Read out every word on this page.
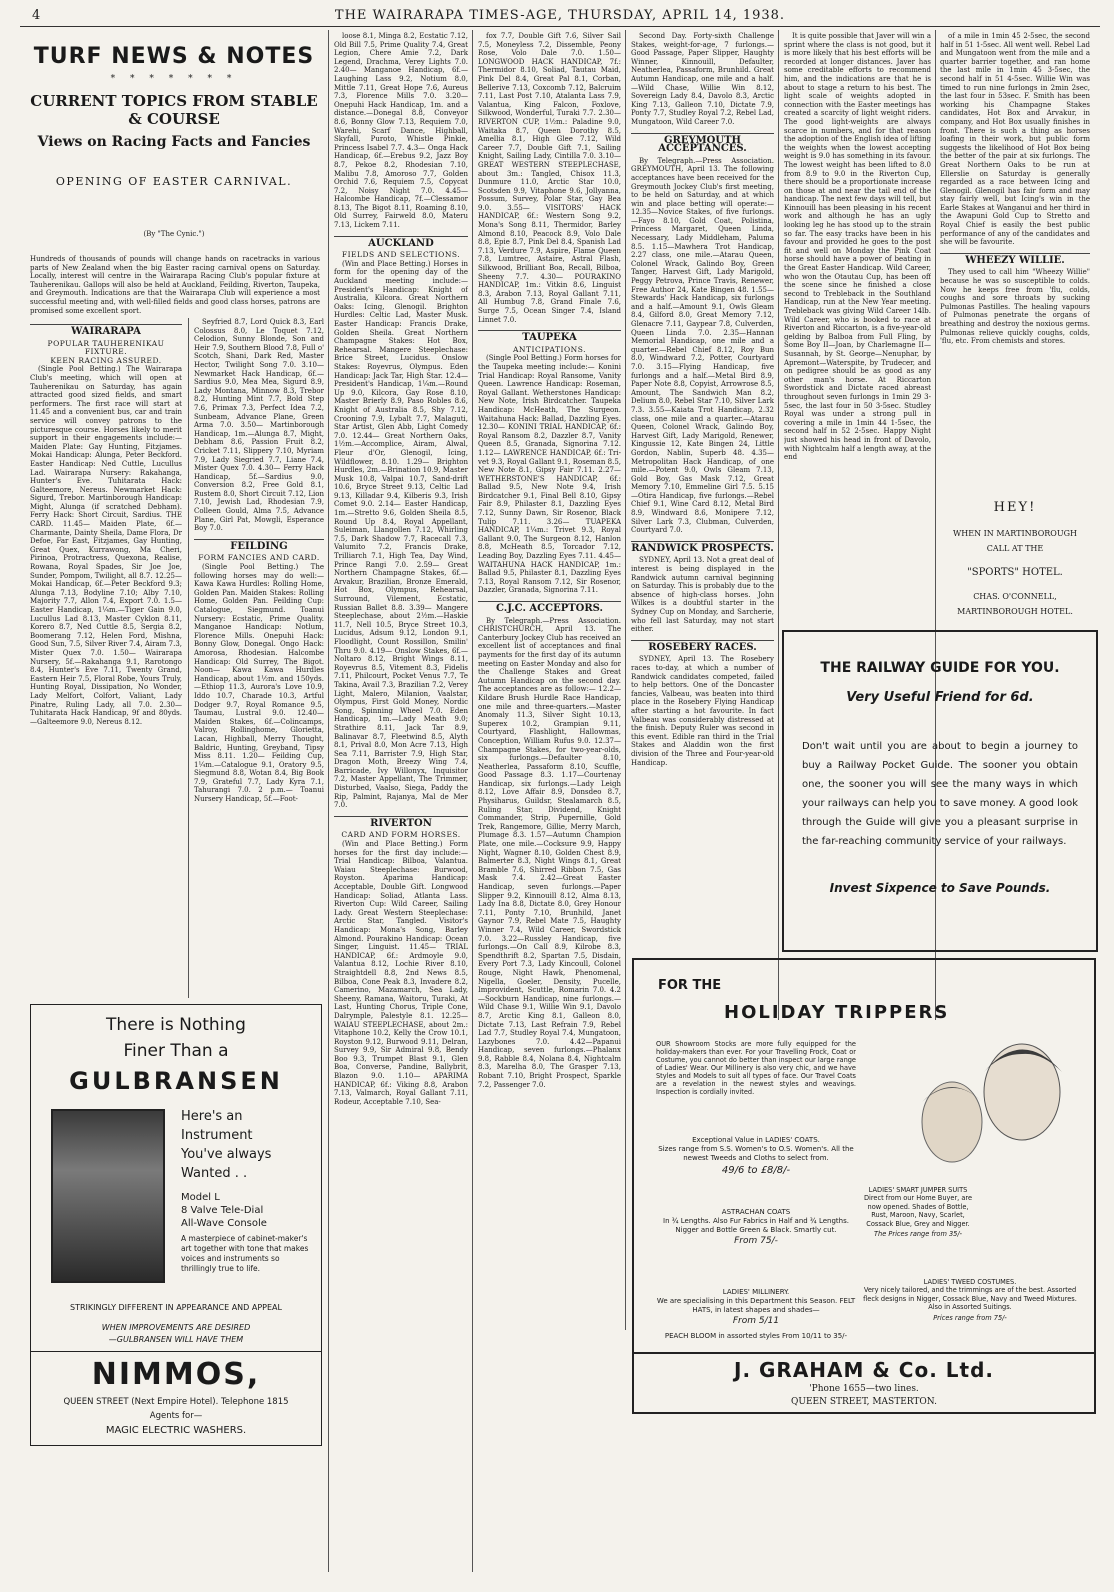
4	THE WAIRARAPA TIMES-AGE, THURSDAY, APRIL 14, 1938.
TURF NEWS & NOTES
* * * * * * *
CURRENT TOPICS FROM STABLE & COURSE
Views on Racing Facts and Fancies
OPENING OF EASTER CARNIVAL.
(By "The Cynic.")
Hundreds of thousands of pounds will change hands on racetracks in various parts of New Zealand when the big Easter racing carnival opens on Saturday. Locally, interest will centre in the Wairarapa Racing Club's popular fixture at Tauherenikau. Gallops will also be held at Auckland, Feilding, Riverton, Taupeka, and Greymouth. Indications are that the Wairarapa Club will experience a most successful meeting and, with well-filled fields and good class horses, patrons are promised some excellent sport.
WAIRARAPA
POPULAR TAUHERENIKAU FIXTURE.
KEEN RACING ASSURED.

(Single Pool Betting.) The Wairarapa Club's meeting, which will open at Tauherenikau on Saturday, has again attracted good sized fields, and smart performers. The first race will start at 11.45 and a convenient bus, car and train service will convey patrons to the picturesque course. Horses likely to merit support in their engagements include:— Maiden Plate: Gay Hunting, Fitzjames. Mokai Handicap: Alunga, Peter Beckford. Easter Handicap: Ned Cuttle, Lucullus Lad. Wairarapa Nursery: Rakahanga, Hunter's Eve. Tuhitarata Hack: Galteemore, Nereus. Newmarket Hack: Sigurd, Trebor. Martinborough Handicap: Might, Alunga (if scratched Debham). Ferry Hack: Short Circuit, Sardius. THE CARD. 11.45— Maiden Plate, 6f.—Charmante, Dainty Sheila, Dame Flora, Dr Defoe, Far East, Fitzjames, Gay Hunting, Great Quex, Kurrawong, Ma Cheri, Pirinoa, Protractress, Quexona, Realise, Rowana, Royal Spades, Sir Joe Joe, Sunder, Pompom, Twilight, all 8.7. 12.25— Mokai Handicap, 6f.—Peter Beckford 9.3; Alunga 7.13, Bodyline 7.10; Alby 7.10, Majority 7.7, Allon 7.4, Export 7.0. 1.5— Easter Handicap, 1¼m.—Tiger Gain 9.0, Lucullus Lad 8.13, Master Cyklon 8.11, Korero 8.7, Ned Cuttle 8.5, Sergia 8.2, Boomerang 7.12, Helen Ford, Mishna, Good Sun, 7.5, Silver River 7.4, Airam 7.3, Mister Quex 7.0. 1.50— Wairarapa Nursery, 5f.—Rakahanga 9.1, Rarotongo 8.4, Hunter's Eve 7.11, Twenty Grand, Eastern Heir 7.5, Floral Robe, Yours Truly, Hunting Royal, Dissipation, No Wonder, Lady Melfort, Colfort, Valiant, Lady Pinatre, Ruling Lady, all 7.0. 2.30— Tuhitarata Hack Handicap, 9f and 80yds.—Galteemore 9.0, Nereus 8.12.

Seyfried 8.7, Lord Quick 8.3, Earl Colossus 8.0, Le Toquet 7.12, Celodion, Sunny Blonde, Son and Heir 7.9, Southern Blood 7.8, Full o' Scotch, Shani, Dark Red, Master Hector, Twilight Song 7.0. 3.10— Newmarket Hack Handicap, 6f.—Sardius 9.0, Mea Mea, Sigurd 8.9, Lady Montana, Minnow 8.3, Trebor 8.2, Hunting Mint 7.7, Bold Step 7.6, Primax 7.3, Perfect Idea 7.2, Sunbeam, Advance Plane, Green Arma 7.0. 3.50— Martinborough Handicap, 1m.—Alunga 8.7, Might, Debham 8.6, Passion Fruit 8.2, Cricket 7.11, Slippery 7.10, Myriam 7.9, Lady Siegried 7.7, Liane 7.4, Mister Quex 7.0. 4.30— Ferry Hack Handicap, 5f.—Sardius 9.0, Conversion 8.2, Free Gold 8.1, Rustem 8.0, Short Circuit 7.12, Lion 7.10, Jewish Lad, Rhodesian 7.9, Colleen Gould, Alma 7.5, Advance Plane, Girl Pat, Mowgli, Esperance Boy 7.0.

FEILDING
FORM FANCIES AND CARD.

(Single Pool Betting.) The following horses may do well:— Kawa Kawa Hurdles: Rolling Home, Golden Pan. Maiden Stakes: Rolling Home, Golden Pan. Feilding Cup: Catalogue, Siegmund. Toanui Nursery: Ecstatic, Prime Quality. Manganoe Handicap: Notlum, Florence Mills. Onepuhi Hack: Bonny Glow, Donegal. Ongo Hack: Amorosa, Rhodesian. Halcombe Handicap: Old Surrey, The Bigot. Noon— Kawa Kawa Hurdles Handicap, about 1½m. and 150yds.—Ethiop 11.3, Aurora's Love 10.9, Iddo 10.7, Charade 10.3, Artful Dodger 9.7, Royal Romance 9.5, Taumau, Lustral 9.0. 12.40— Maiden Stakes, 6f.—Colincamps, Valroy, Rollinghome, Glorietta, Lacan, Highball, Merry Thought, Baldric, Hunting, Greyband, Tipsy Miss 8.11. 1.20— Feilding Cup, 1¼m.—Catalogue 9.1, Oratory 9.5, Siegmund 8.8, Wotan 8.4, Big Book 7.9, Grateful 7.7, Lady Kyra 7.1, Tahurangi 7.0. 2 p.m.— Toanui Nursery Handicap, 5f.—Foot-

loose 8.1, Minga 8.2, Ecstatic 7.12, Old Bill 7.5, Prime Quality 7.4, Great Legion, Chere Amie 7.2, Dark Legend, Drachma, Verey Lights 7.0. 2.40— Manganoe Handicap, 6f.—Laughing Lass 9.2, Notium 8.0, Mittle 7.11, Great Hope 7.6, Aureus 7.3, Florence Mills 7.0. 3.20— Onepuhi Hack Handicap, 1m. and a distance.—Donegal 8.8, Conveyor 8.6, Bonny Glow 7.13, Requiem 7.0, Warehi, Scarf Dance, Highball, Skyfall, Puroto, Whistle Pinkie, Princess Isabel 7.7. 4.3— Onga Hack Handicap, 6f.—Erebus 9.2, Jazz Boy 8.7, Pekoe 8.2, Rhodesian 7.10, Malibu 7.8, Amoroso 7.7, Golden Orchid 7.6, Requiem 7.5, Copycat 7.2, Noisy Night 7.0. 4.45— Halcombe Handicap, 7f.—Clessamor 8.13, The Bigot 8.11, Roaming 8.10, Old Surrey, Fairweld 8.0, Materu 7.13, Lickem 7.11.

AUCKLAND
FIELDS AND SELECTIONS.

(Win and Place Betting.) Horses in form for the opening day of the Auckland meeting include:— President's Handicap: Knight of Australia, Kilcora. Great Northern Oaks: Icing, Glenogil. Brighton Hurdles: Celtic Lad, Master Musk. Easter Handicap: Francis Drake, Golden Sheila. Great Northern Champagne Stakes: Hot Box, Rehearsal. Mangere Steeplechase: Brice Street, Lucidus. Onslow Stakes: Royevrus, Olympus. Eden Handicap: Jack Tar, High Star. 12.4— President's Handicap, 1¼m.—Round Up 9.0, Kilcora, Gay Rose 8.10, Master Brierly 8.9, Paso Robles 8.6, Knight of Australia 8.5, Shy 7.12, Crooning 7.9, Lybalt 7.7, Malaguti, Star Artist, Glen Abb, Light Comedy 7.0. 12.44— Great Northern Oaks, 1½m.—Accomplice, Airam, Alwal, Fleur d'Or, Glenogil, Icing, Wildflower, 8.10. 1.29— Brighton Hurdles, 2m.—Brination 10.9, Master Musk 10.8, Valpai 10.7, Sand-drift 10.6, Bryce Street 9.13, Celtic Lad 9.13, Killadar 9.4, Kilberis 9.3, Irish Comet 9.0. 2.14— Easter Handicap, 1m.—Stretto 9.6, Golden Sheila 8.5, Round Up 8.4, Royal Appellant, Suleiman, Llangollen 7.12, Whirling 7.5, Dark Shadow 7.7, Racecall 7.3, Valumito 7.2, Francis Drake, Trilliarch 7.1, High Tea, Day Wind, Prince Rangi 7.0. 2.59— Great Northern Champagne Stakes, 6f.—Arvakur, Brazilian, Bronze Emerald, Hot Box, Olympus, Rehearsal, Surround, Vilement, Ecstatic, Russian Ballet 8.8. 3.39— Mangere Steeplechase, about 2½m.—Haskie 11.7, Nell 10.5, Bryce Street 10.3, Lucidus, Adsum 9.12, London 9.1, Floodlight, Count Rossillon, Smilin' Thru 9.0. 4.19— Onslow Stakes, 6f.—Noltaro 8.12, Bright Wings 8.11, Royevrus 8.5, Vitement 8.3, Fidelis 7.11, Philcourt, Pocket Venus 7.7, Te Takina, Avail 7.3, Brazilian 7.2, Verey Light, Malero, Milanion, Vaalstar, Olympus, First Gold Money, Nordic Song, Spinning Wheel 7.0. Eden Handicap, 1m.—Lady Meath 9.0; Strathire 8.11, Jack Tar 8.9, Balinavar 8.7, Fleetwind 8.5, Alyth 8.1, Prival 8.0, Mon Acre 7.13, High Sea 7.11, Barrister 7.9, High Star, Dragon Moth, Breezy Wing 7.4, Barricade, Ivy Willonyx, Inquisitor 7.2, Master Appellant, The Trimmer, Disturbed, Vaalso, Siega, Paddy the Rip, Palmint, Rajanya, Mal de Mer 7.0.

RIVERTON
CARD AND FORM HORSES.

(Win and Place Betting.) Form horses for the first day include:— Trial Handicap: Bilboa, Valantua. Waiau Steeplechase: Burwood, Royston. Aparima Handicap: Acceptable, Double Gift. Longwood Handicap: Soliad, Atlanta Lass. Riverton Cup: Wild Career, Sailing Lady. Great Western Steeplechase: Arctic Star, Tangled. Visitor's Handicap: Mona's Song, Barley Almond. Pourakino Handicap: Ocean Singer, Linguist. 11.45— TRIAL HANDICAP, 6f.: Ardmoyle 9.0, Valantua 8.12, Lochie River 8.10, Straightdell 8.8, 2nd News 8.5, Bilboa, Cone Peak 8.3, Invadere 8.2, Camerino, Mazamarch, Sea Lady, Sheeny, Ramana, Waitoru, Turaki, At Last, Hunting Chorus, Triple Cone, Dalrymple, Palestyle 8.1. 12.25— WAIAU STEEPLECHASE, about 2m.: Vitaphone 10.2, Kelly the Crow 10.1, Royston 9.12, Burwood 9.11, Delran, Survey 9.9, Sir Admiral 9.8, Bendy Boo 9.3, Trumpet Blast 9.1, Glen Boa, Converse, Pandine, Ballybrit, Blazon 9.0. 1.10— APARIMA HANDICAP, 6f.: Viking 8.8, Arabon 7.13, Valmarch, Royal Gallant 7.11, Rodeur, Acceptable 7.10, Sea-

fox 7.7, Double Gift 7.6, Silver Sail 7.5, Moneyless 7.2, Dissemble, Peony Rose, Volo Dale 7.0. 1.50— LONGWOOD HACK HANDICAP, 7f.: Thermidor 8.10, Soliad, Tautau Maid, Pink Del 8.4, Great Pal 8.1, Corban, Bellerive 7.13, Coxcomb 7.12, Balcruim 7.11, Last Post 7.10, Atalanta Lass 7.9, Valantua, King Falcon, Foxlove, Silkwood, Wonderful, Turaki 7.7. 2.30— RIVERTON CUP, 1½m.: Paladine 9.0, Waitaka 8.7, Queen Dorothy 8.5, Amellia 8.1, High Glee 7.12, Wild Career 7.7, Double Gift 7.1, Sailing Knight, Sailing Lady, Cintilla 7.0. 3.10— GREAT WESTERN STEEPLECHASE, about 3m.: Tangled, Chisox 11.3, Dunmure 11.0, Arctic Star 10.0, Scotsden 9.9, Vitaphone 9.6, Jollyanna, Possum, Survey, Polar Star, Gay Bea 9.0. 3.55— VISITORS' HACK HANDICAP, 6f.: Western Song 9.2, Mona's Song 8.11, Thermidor, Barley Almond 8.10, Peacock 8.9, Volo Dale 8.8, Epie 8.7, Pink Del 8.4, Spanish Lad 7.13, Verdure 7.9, Aspire, Flame Queen 7.8, Lumtrec, Astaire, Astral Flash, Silkwood, Brilliant Boa, Recall, Bilboa, Sheeny 7.7. 4.30— POURAKINO HANDICAP, 1m.: Vitkin 8.6, Linguist 8.3, Arabon 7.13, Royal Gallant 7.11, All Humbug 7.8, Grand Finale 7.6, Surge 7.5, Ocean Singer 7.4, Island Linnet 7.0.

TAUPEKA
ANTICIPATIONS.

(Single Pool Betting.) Form horses for the Taupeka meeting include:— Konini Trial Handicap: Royal Ransome, Vanity Queen. Lawrence Handicap: Roseman, Royal Gallant. Wetherstones Handicap: New Note, Irish Birdcatcher. Taupeka Handicap: McHeath, The Surgeon. Waitahuna Hack: Ballad, Dazzling Eyes. 12.30— KONINI TRIAL HANDICAP, 6f.: Royal Ransom 8.2, Dazzler 8.7, Vanity Queen 8.5, Granada, Signorina 7.12. 1.12— LAWRENCE HANDICAP, 6f.: Tri-vet 9.3, Royal Gallant 9.1, Roseman 8.5, New Note 8.1, Gipsy Fair 7.11. 2.27— WETHERSTONE'S HANDICAP, 6f.: Ballad 9.5, New Note 9.4, Irish Birdcatcher 9.1, Final Bell 8.10, Gipsy Fair 8.9, Philaster 8.1, Dazzling Eyes 7.12, Sunny Dawn, Sir Rosenor, Black Tulip 7.11. 3.26— TUAPEKA HANDICAP, 1¼m.: Trivet 9.3, Royal Gallant 9.0, The Surgeon 8.12, Hanlon 8.8, McHeath 8.5, Torcador 7.12, Leading Boy, Dazzling Eyes 7.11. 4.45— WAITAHUNA HACK HANDICAP, 1m.: Ballad 9.5, Philaster 8.1, Dazzling Eyes 7.13, Royal Ransom 7.12, Sir Rosenor, Dazzler, Granada, Signorina 7.11.

C.J.C. ACCEPTORS.

By Telegraph.—Press Association. CHRISTCHURCH, April 13. The Canterbury Jockey Club has received an excellent list of acceptances and final payments for the first day of its autumn meeting on Easter Monday and also for the Challenge Stakes and Great Autumn Handicap on the second day. The acceptances are as follow:— 12.2—Kildare Brush Hurdle Race Handicap, one mile and three-quarters.—Master Anomaly 11.3, Silver Sight 10.13, Superex 10.2, Grampian 9.11, Courtyard, Flashlight, Hallowmas, Conception, William Rufus 9.0. 12.37—Champagne Stakes, for two-year-olds, six furlongs.—Defaulter 8.10, Neatherlea, Passaform 8.10, Scuffle, Good Passage 8.3. 1.17—Courtenay Handicap, six furlongs.—Lady Leigh 8.12, Love Affair 8.9, Donsdeo 8.7, Physiharus, Guildsr, Stealamarch 8.5, Ruling Star, Dividend, Knight Commander, Strip, Pupernille, Gold Trek, Rangemore, Gillie, Merry March, Plumage 8.3. 1.57—Autumn Champion Plate, one mile.—Cocksure 9.9, Happy Night, Wagner 8.10, Golden Chest 8.9, Balmerter 8.3, Night Wings 8.1, Great Bramble 7.6, Shirred Ribbon 7.5, Gas Mask 7.4. 2.42—Great Easter Handicap, seven furlongs.—Paper Slipper 9.2, Kinnouill 8.12, Alma 8.13, Lady Ina 8.8, Dictate 8.0, Grey Honour 7.11, Ponty 7.10, Brunhild, Janet Gaynor 7.9, Rebel Mate 7.5, Haughty Winner 7.4, Wild Career, Swordstick 7.0. 3.22—Russley Handicap, five furlongs.—On Call 8.9, Kilrobe 8.3, Spendthrift 8.2, Spartan 7.5, Disdain, Every Port 7.3, Lady Kincoull, Colonel Rouge, Night Hawk, Phenomenal, Nigella, Goeler, Density, Pucelle, Improvident, Scuttle, Romarin 7.0. 4.2—Sockburn Handicap, nine furlongs.—Wild Chase 9.1, Willie Win 9.1, Davolo 8.7, Arctic King 8.1, Galleon 8.0, Dictate 7.13, Last Refrain 7.9, Rebel Lad 7.7, Studley Royal 7.4, Mungatoon, Lazybones 7.0. 4.42—Papanui Handicap, seven furlongs.—Phalanx 9.8, Rabble 8.4, Nolana 8.4, Nightcalm 8.3, Marelha 8.0, The Grasper 7.13, Robant 7.10, Bright Prospect, Sparkle 7.2, Passenger 7.0.

Second Day. Forty-sixth Challenge Stakes, weight-for-age, 7 furlongs.—Good Passage, Paper Slipper, Haughty Winner, Kinnouill, Defaulter, Neatherlea, Passaform, Brunhild. Great Autumn Handicap, one mile and a half.—Wild Chase, Willie Win 8.12, Sovereign Lady 8.4, Davolo 8.3, Arctic King 7.13, Galleon 7.10, Dictate 7.9, Ponty 7.7, Studley Royal 7.2, Rebel Lad, Mungatoon, Wild Career 7.0.

GREYMOUTH ACCEPTANCES.

By Telegraph.—Press Association. GREYMOUTH, April 13. The following acceptances have been received for the Greymouth Jockey Club's first meeting, to be held on Saturday, and at which win and place betting will operate:— 12.35—Novice Stakes, of five furlongs.—Fayo 8.10, Gold Coat, Polistina, Princess Margaret, Queen Linda, Necessary, Lady Middleham, Paluma 8.5. 1.15—Mawhera Trot Handicap, 2.27 class, one mile.—Atarau Queen, Colonel Wrack, Galindo Boy, Green Tanger, Harvest Gift, Lady Marigold, Peggy Petrova, Prince Travis, Renewer, Free Author 24, Kate Bingen 48. 1.55—Stewards' Hack Handicap, six furlongs and a half.—Amount 9.1, Owls Gleam 8.4, Gilford 8.0, Great Memory 7.12, Glenacre 7.11, Gaypear 7.8, Culverden, Queen Linda 7.0. 2.35—Hannan Memorial Handicap, one mile and a quarter.—Rebel Chief 8.12, Roy Bun 8.0, Windward 7.2, Potter, Courtyard 7.0. 3.15—Flying Handicap, five furlongs and a half.—Metal Bird 8.9, Paper Note 8.8, Copyist, Arrowrose 8.5, Amount, The Sandwich Man 8.2, Delium 8.0, Rebel Star 7.10, Silver Lark 7.3. 3.55—Kaiata Trot Handicap, 2.32 class, one mile and a quarter.—Atarau Queen, Colonel Wrack, Galindo Boy, Harvest Gift, Lady Marigold, Renewer, Kingussie 12, Kate Bingen 24, Little Gordon, Nablin, Superb 48. 4.35—Metropolitan Hack Handicap, of one mile.—Potent 9.0, Owls Gleam 7.13, Gold Boy, Gas Mask 7.12, Great Memory 7.10, Emmeline Girl 7.5. 5.15—Otira Handicap, five furlongs.—Rebel Chief 9.1, Wine Card 8.12, Metal Bird 8.9, Windward 8.6, Monipere 7.12, Silver Lark 7.3, Clubman, Culverden, Courtyard 7.0.

RANDWICK PROSPECTS.

SYDNEY, April 13. Not a great deal of interest is being displayed in the Randwick autumn carnival beginning on Saturday. This is probably due to the absence of high-class horses. John Wilkes is a doubtful starter in the Sydney Cup on Monday, and Sarcherie, who fell last Saturday, may not start either.

ROSEBERY RACES.

SYDNEY, April 13. The Rosebery races to-day, at which a number of Randwick candidates competed, failed to help bettors. One of the Doncaster fancies, Valbeau, was beaten into third place in the Rosebery Flying Handicap after starting a hot favourite. In fact Valbeau was considerably distressed at the finish. Deputy Ruler was second in this event. Edible ran third in the Trial Stakes and Aladdin won the first division of the Three and Four-year-old Handicap.

It is quite possible that Javer will win a sprint where the class is not good, but it is more likely that his best efforts will be recorded at longer distances. Javer has some creditable efforts to recommend him, and the indications are that he is about to stage a return to his best. The light scale of weights adopted in connection with the Easter meetings has created a scarcity of light weight riders. The good light-weights are always scarce in numbers, and for that reason the adoption of the English idea of lifting the weights when the lowest accepting weight is 9.0 has something in its favour. The lowest weight has been lifted to 8.0 from 8.9 to 9.0 in the Riverton Cup, there should be a proportionate increase on those at and near the tail end of the handicap. The next few days will tell, but Kinnouill has been pleasing in his recent work and although he has an ugly looking leg he has stood up to the strain so far. The easy tracks have been in his favour and provided he goes to the post fit and well on Monday the Pink Coat horse should have a power of beating in the Great Easter Handicap. Wild Career, who won the Otautau Cup, has been off the scene since he finished a close second to Trebleback in the Southland Handicap, run at the New Year meeting. Trebleback was giving Wild Career 14lb. Wild Career, who is booked to race at Riverton and Riccarton, is a five-year-old gelding by Balboa from Full Fling, by Some Boy II—Joan, by Charlemagne II—Susannah, by St. George—Nenuphar, by Apremont—Waterspite, by Trudecer, and on pedigree should be as good as any other man's horse. At Riccarton Swordstick and Dictate raced abreast throughout seven furlongs in 1min 29 3-5sec, the last four in 50 3-5sec. Studley Royal was under a strong pull in covering a mile in 1min 44 1-5sec, the second half in 52 2-5sec. Happy Night just showed his head in front of Davolo, with Nightcalm half a length away, at the end

of a mile in 1min 45 2-5sec, the second half in 51 1-5sec. All went well. Rebel Lad and Mungatoon went from the mile and a quarter barrier together, and ran home the last mile in 1min 45 3-5sec, the second half in 51 4-5sec. Willie Win was timed to run nine furlongs in 2min 2sec, the last four in 53sec. F. Smith has been working his Champagne Stakes candidates, Hot Box and Arvakur, in company, and Hot Box usually finishes in front. There is such a thing as horses loafing in their work, but public form suggests the likelihood of Hot Box being the better of the pair at six furlongs. The Great Northern Oaks to be run at Ellerslie on Saturday is generally regarded as a race between Icing and Glenogil. Glenogil has fair form and may stay fairly well, but Icing's win in the Earle Stakes at Wanganui and her third in the Awapuni Gold Cup to Stretto and Royal Chief is easily the best public performance of any of the candidates and she will be favourite.

WHEEZY WILLIE.

They used to call him "Wheezy Willie" because he was so susceptible to colds. Now he keeps free from 'flu, colds, coughs and sore throats by sucking Pulmonas Pastilles. The healing vapours of Pulmonas penetrate the organs of breathing and destroy the noxious germs. Pulmonas relieve quickly coughs, colds, 'flu, etc. From chemists and stores.

HEY!
WHEN IN MARTINBOROUGH
CALL AT THE
"SPORTS" HOTEL.
CHAS. O'CONNELL,
MARTINBOROUGH HOTEL.
THE RAILWAY GUIDE FOR YOU.
Very Useful Friend for 6d.
Don't wait until you are about to begin a journey to buy a Railway Pocket Guide. The sooner you obtain one, the sooner you will see the many ways in which your railways can help you to save money. A good look through the Guide will give you a pleasant surprise in the far-reaching community service of your railways.
Invest Sixpence to Save Pounds.
FOR THE
HOLIDAY TRIPPERS
OUR Showroom Stocks are more fully equipped for the holiday-makers than ever. For your Travelling Frock, Coat or Costume, you cannot do better than inspect our large range of Ladies' Wear. Our Millinery is also very chic, and we have Styles and Models to suit all types of face. Our Travel Coats are a revelation in the newest styles and weavings. Inspection is cordially invited.
Exceptional Value in LADIES' COATS.
Sizes range from S.S. Women's to O.S. Women's. All the newest Tweeds and Cloths to select from.
49/6 to £8/8/-
ASTRACHAN COATS
In ¾ Lengths. Also Fur Fabrics in Half and ¾ Lengths. Nigger and Bottle Green & Black. Smartly cut.
From 75/-
LADIES' MILLINERY.
We are specialising in this Department this Season. FELT HATS, in latest shapes and shades—
From 5/11
LADIES' SMART JUMPER SUITS
Direct from our Home Buyer, are now opened. Shades of Bottle, Rust, Maroon, Navy, Scarlet, Cossack Blue, Grey and Nigger.
The Prices range from 35/-
LADIES' TWEED COSTUMES.
Very nicely tailored, and the trimmings are of the best. Assorted fleck designs in Nigger, Cossack Blue, Navy and Tweed Mixtures. Also in Assorted Suitings.
Prices range from 75/-
PEACH BLOOM in assorted styles From 10/11 to 35/-
J. GRAHAM & Co. Ltd.
'Phone 1655—two lines.
QUEEN STREET, MASTERTON.
There is Nothing
Finer Than a
GULBRANSEN
Here's an
Instrument
You've always
Wanted . .
Model L
8 Valve Tele-Dial
All-Wave Console
A masterpiece of cabinet-maker's art together with tone that makes voices and instruments so thrillingly true to life.
STRIKINGLY DIFFERENT IN APPEARANCE AND APPEAL
WHEN IMPROVEMENTS ARE DESIRED
—GULBRANSEN WILL HAVE THEM
NIMMOS,
QUEEN STREET (Next Empire Hotel). Telephone 1815
Agents for—
MAGIC ELECTRIC WASHERS.
